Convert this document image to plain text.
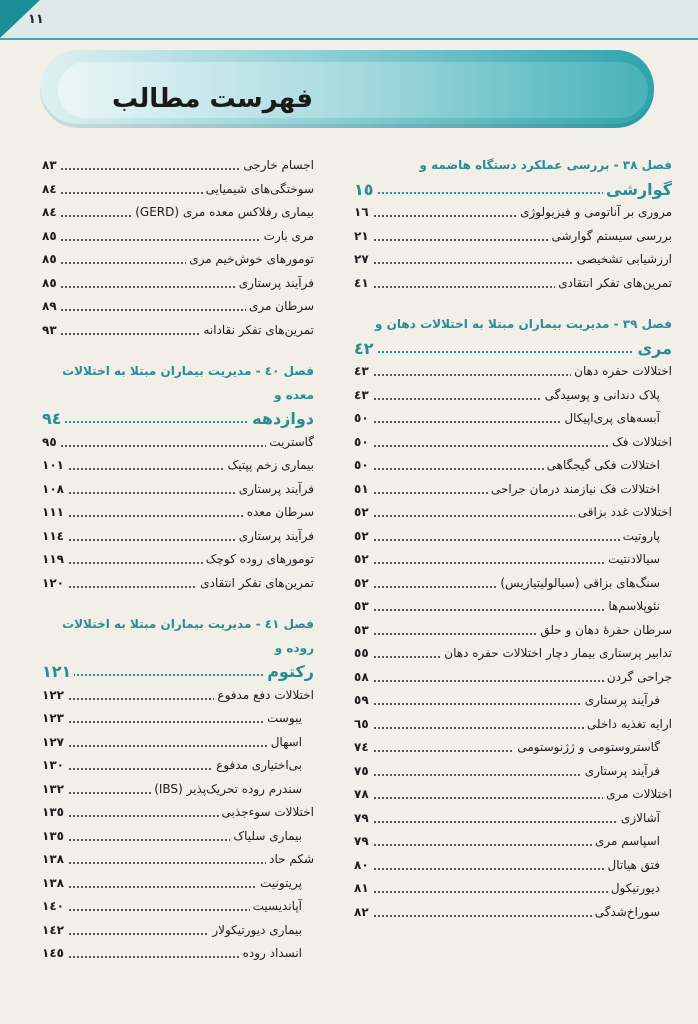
١١
فهرست مطالب
فصل ٣٨ - بررسی عملکرد دستگاه هاضمه و
گوارشی
١٥
مروری بر آناتومی و فیزیولوژی
١٦
بررسی سیستم گوارشی
٢١
ارزشیابی تشخیصی
٢٧
تمرین‌های تفکر انتقادی
٤١
فصل ٣٩ - مدیریت بیماران مبتلا به اختلالات دهان و
مری
٤٢
اختلالات حفره دهان
٤٣
پلاک دندانی و پوسیدگی
٤٣
آبسه‌های پری‌اپیکال
٥٠
اختلالات فک
٥٠
اختلالات فکی گیجگاهی
٥٠
اختلالات فک نیازمند درمان جراحی
٥١
اختلالات غدد بزاقی
٥٢
پاروتیت
٥٢
سیالادنتیت
٥٢
سنگ‌های بزاقی (سیالولیتیازیس)
٥٢
نئوپلاسم‌ها
٥٣
سرطان حفرهٔ دهان و حلق
٥٣
تدابیر پرستاری بیمار دچار اختلالات حفره دهان
٥٥
جراحی گردن
٥٨
فرآیند پرستاری
٥٩
ارایه تغذیه داخلی
٦٥
گاستروستومی و ژژنوستومی
٧٤
فرآیند پرستاری
٧٥
اختلالات مری
٧٨
آشالازی
٧٩
اسپاسم مری
٧٩
فتق هیاتال
٨٠
دیورتیکول
٨١
سوراخ‌شدگی
٨٢
اجسام خارجی
٨٣
سوختگی‌های شیمیایی
٨٤
بیماری رفلاکس معده مری (GERD)
٨٤
مری بارت
٨٥
تومورهای خوش‌خیم مری
٨٥
فرآیند پرستاری
٨٥
سرطان مری
٨٩
تمرین‌های تفکر نقادانه
٩٣
فصل ٤٠ - مدیریت بیماران مبتلا به اختلالات معده و
دوازدهه
٩٤
گاستریت
٩٥
بیماری زخم پپتیک
١٠١
فرآیند پرستاری
١٠٨
سرطان معده
١١١
فرآیند پرستاری
١١٤
تومورهای روده کوچک
١١٩
تمرین‌های تفکر انتقادی
١٢٠
فصل ٤١ - مدیریت بیماران مبتلا به اختلالات روده و
رکتوم
١٢١
اختلالات دفع مدفوع
١٢٢
یبوست
١٢٣
اسهال
١٢٧
بی‌اختیاری مدفوع
١٣٠
سندرم روده تحریک‌پذیر (IBS)
١٣٢
اختلالات سوءجذبی
١٣٥
بیماری سلیاک
١٣٥
شکم حاد
١٣٨
پریتونیت
١٣٨
آپاندیسیت
١٤٠
بیماری دیورتیکولار
١٤٢
انسداد روده
١٤٥
